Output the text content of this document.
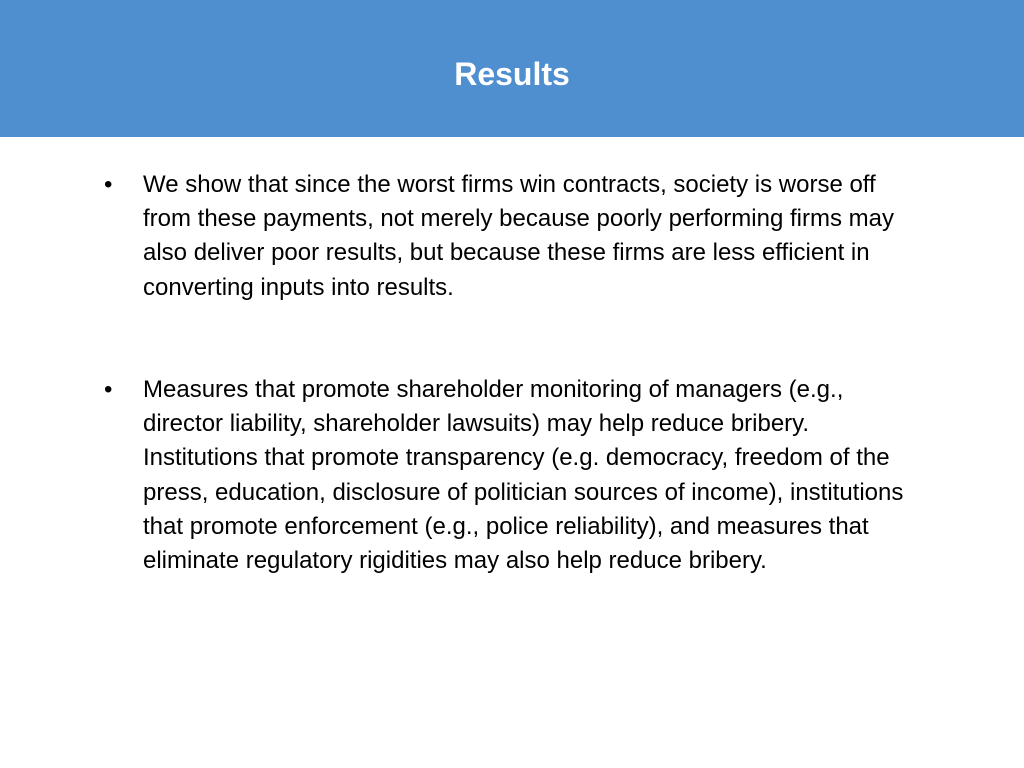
Results
• We show that since the worst firms win contracts, society is worse off from these payments, not merely because poorly performing firms may also deliver poor results, but because these firms are less efficient in converting inputs into results.

• Measures that promote shareholder monitoring of managers (e.g., director liability, shareholder lawsuits) may help reduce bribery. Institutions that promote transparency (e.g. democracy, freedom of the press, education, disclosure of politician sources of income), institutions that promote enforcement (e.g., police reliability), and measures that eliminate regulatory rigidities may also help reduce bribery.
